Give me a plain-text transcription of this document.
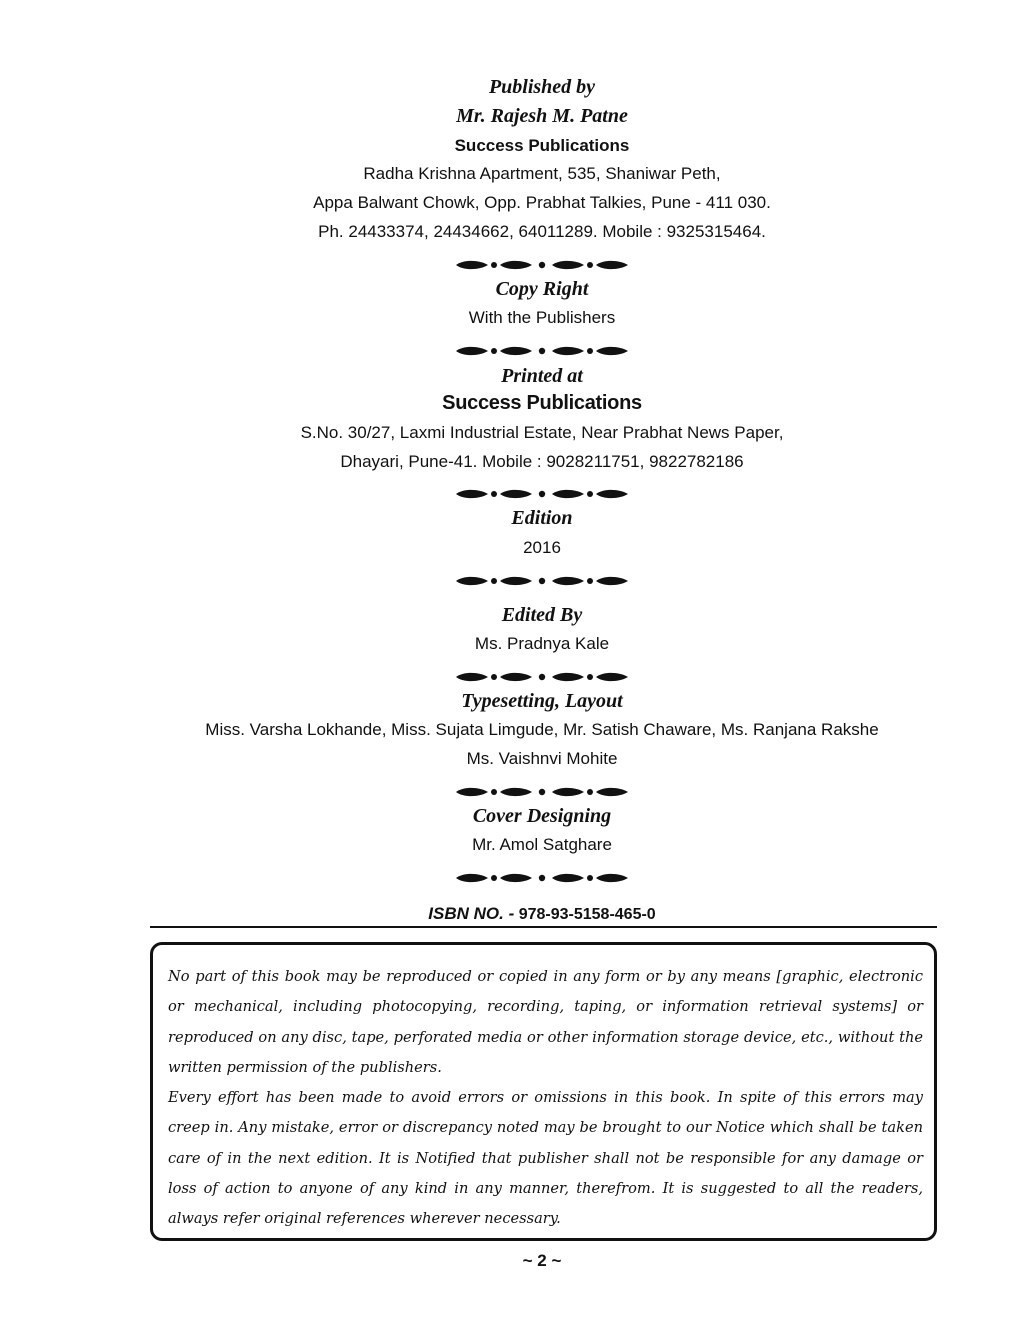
Published by
Mr. Rajesh M. Patne
Success Publications
Radha Krishna Apartment, 535, Shaniwar Peth,
Appa Balwant Chowk, Opp. Prabhat Talkies, Pune - 411 030.
Ph. 24433374, 24434662, 64011289. Mobile : 9325315464.
Copy Right
With the Publishers
Printed at
Success Publications
S.No. 30/27, Laxmi Industrial Estate, Near Prabhat News Paper,
Dhayari, Pune-41. Mobile : 9028211751, 9822782186
Edition
2016
Edited By
Ms. Pradnya Kale
Typesetting, Layout
Miss. Varsha Lokhande, Miss. Sujata Limgude, Mr. Satish Chaware, Ms. Ranjana Rakshe
Ms. Vaishnvi Mohite
Cover Designing
Mr. Amol Satghare
ISBN NO. - 978-93-5158-465-0

No part of this book may be reproduced or copied in any form or by any means [graphic, electronic or mechanical, including photocopying, recording, taping, or information retrieval systems] or reproduced on any disc, tape, perforated media or other information storage device, etc., without the written permission of the publishers.

Every effort has been made to avoid errors or omissions in this book. In spite of this errors may creep in. Any mistake, error or discrepancy noted may be brought to our Notice which shall be taken care of in the next edition. It is Notified that publisher shall not be responsible for any damage or loss of action to anyone of any kind in any manner, therefrom. It is suggested to all the readers, always refer original references wherever necessary.

~ 2 ~
